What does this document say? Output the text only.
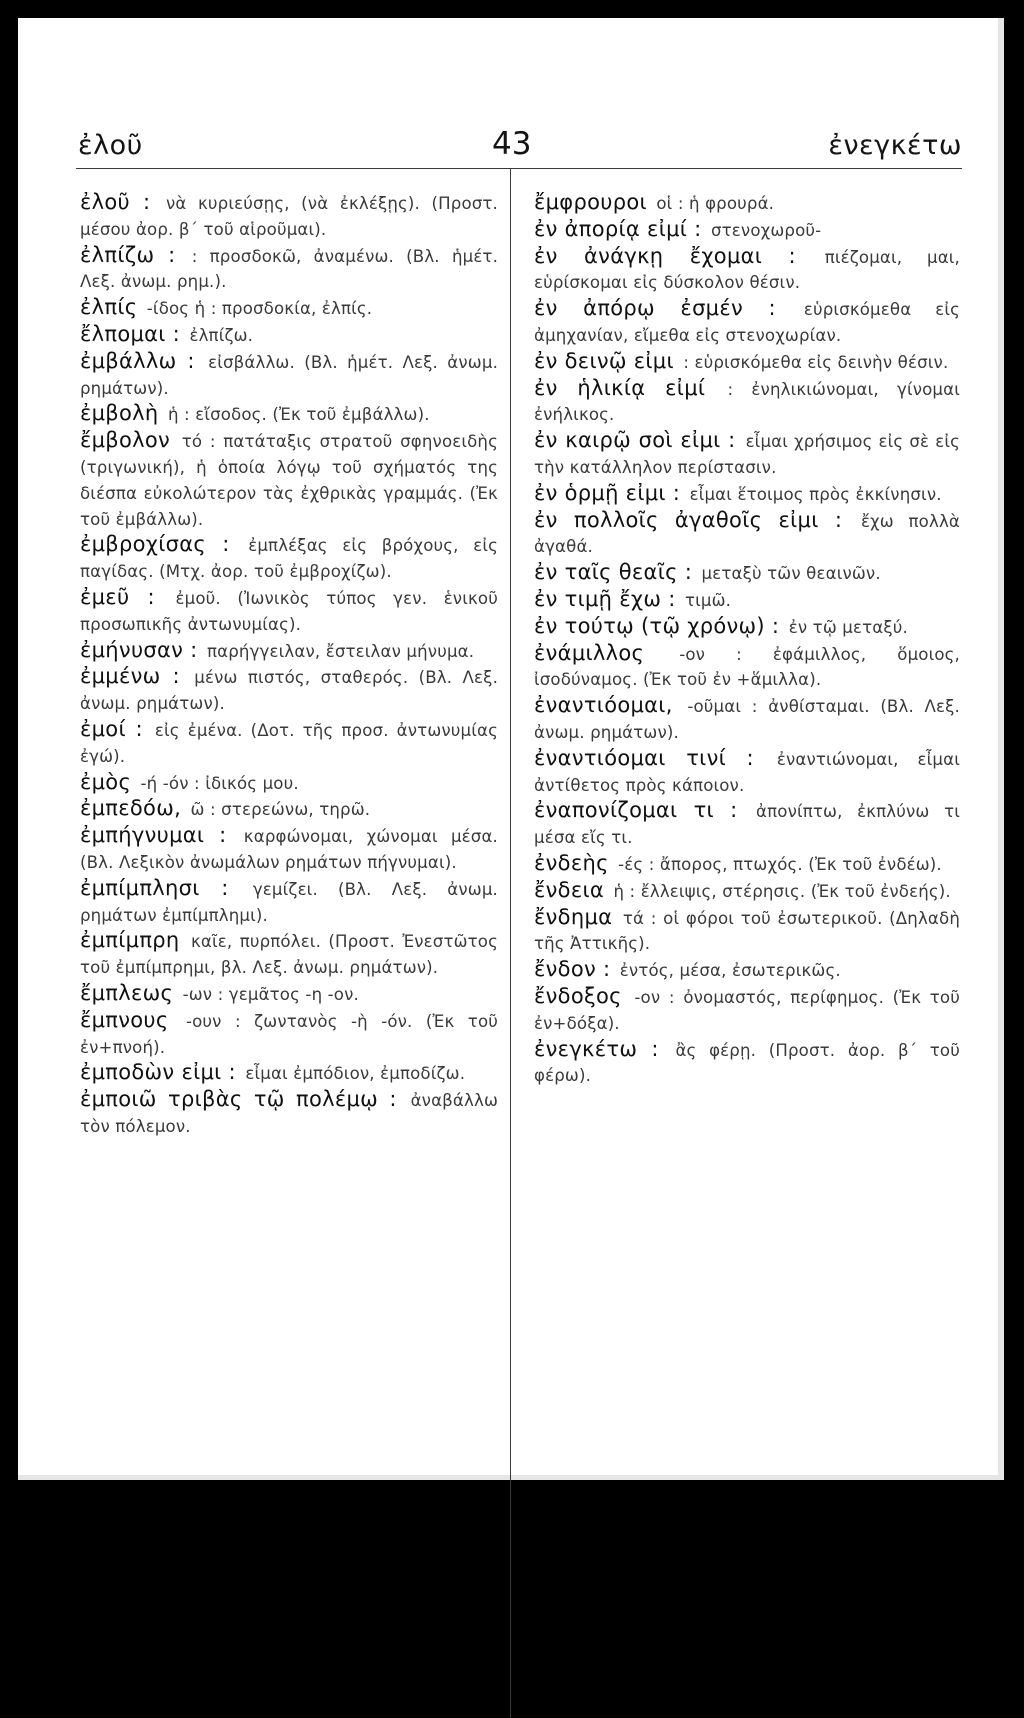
ἐλοῦ	43	ἐνεγκέτω

ἐλοῦ : νὰ κυριεύσῃς, (νὰ ἐκλέξῃς). (Προστ. μέσου ἀορ. β΄ τοῦ αἱροῦμαι).

ἐλπίζω : : προσδοκῶ, ἀναμένω. (Βλ. ἡμέτ. Λεξ. ἀνωμ. ρημ.).

ἐλπίς -ίδος ἡ : προσδοκία, ἐλπίς.

ἔλπομαι : ἐλπίζω.

ἐμβάλλω : εἰσβάλλω. (Βλ. ἡμέτ. Λεξ. ἀνωμ. ρημάτων).

ἐμβολὴ ἡ : εἴσοδος. (Ἐκ τοῦ ἐμβάλλω).

ἔμβολον τό : πατάταξις στρατοῦ σφηνοειδὴς (τριγωνική), ἡ ὁποία λόγῳ τοῦ σχήματός της διέσπα εὐκολώτερον τὰς ἐχθρικὰς γραμμάς. (Ἐκ τοῦ ἐμβάλλω).

ἐμβροχίσας : ἐμπλέξας εἰς βρόχους, εἰς παγίδας. (Μτχ. ἀορ. τοῦ ἐμβροχίζω).

ἐμεῦ : ἐμοῦ. (Ἰωνικὸς τύπος γεν. ἑνικοῦ προσωπικῆς ἀντωνυμίας).

ἐμήνυσαν : παρήγγειλαν, ἔστειλαν μήνυμα.

ἐμμένω : μένω πιστός, σταθερός. (Βλ. Λεξ. ἀνωμ. ρημάτων).

ἐμοί : εἰς ἐμένα. (Δοτ. τῆς προσ. ἀντωνυμίας ἐγώ).

ἐμὸς -ή -όν : ἰδικός μου.

ἐμπεδόω, ῶ : στερεώνω, τηρῶ.

ἐμπήγνυμαι : καρφώνομαι, χώνομαι μέσα. (Βλ. Λεξικὸν ἀνωμάλων ρημάτων πήγνυμαι).

ἐμπίμπλησι : γεμίζει. (Βλ. Λεξ. ἀνωμ. ρημάτων ἐμπίμπλημι).

ἐμπίμπρη καῖε, πυρπόλει. (Προστ. Ἐνεστῶτος τοῦ ἐμπίμπρημι, βλ. Λεξ. ἀνωμ. ρημάτων).

ἔμπλεως -ων : γεμᾶτος -η -ον.

ἔμπνους -ουν : ζωντανὸς -ὴ -όν. (Ἐκ τοῦ ἐν+πνοή).

ἐμποδὼν εἰμι : εἶμαι ἐμπόδιον, ἐμποδίζω.

ἐμποιῶ τριβὰς τῷ πολέμῳ : ἀναβάλλω τὸν πόλεμον.

ἔμφρουροι οἱ : ἡ φρουρά.

ἐν ἀπορίᾳ εἰμί : στενοχωροῦ-

ἐν ἀνάγκῃ ἔχομαι : πιέζομαι, μαι, εὑρίσκομαι εἰς δύσκολον θέσιν.

ἐν ἀπόρῳ ἐσμέν : εὑρισκόμεθα εἰς ἀμηχανίαν, εἴμεθα εἰς στενοχωρίαν.

ἐν δεινῷ εἰμι : εὑρισκόμεθα εἰς δεινὴν θέσιν.

ἐν ἡλικίᾳ εἰμί : ἐνηλικιώνομαι, γίνομαι ἐνήλικος.

ἐν καιρῷ σοὶ εἰμι : εἶμαι χρήσιμος εἰς σὲ εἰς τὴν κατάλληλον περίστασιν.

ἐν ὁρμῇ εἰμι : εἶμαι ἕτοιμος πρὸς ἐκκίνησιν.

ἐν πολλοῖς ἀγαθοῖς εἰμι : ἔχω πολλὰ ἀγαθά.

ἐν ταῖς θεαῖς : μεταξὺ τῶν θεαινῶν.

ἐν τιμῇ ἔχω : τιμῶ.

ἐν τούτῳ (τῷ χρόνῳ) : ἐν τῷ μεταξύ.

ἐνάμιλλος -ον : ἐφάμιλλος, ὅμοιος, ἰσοδύναμος. (Ἐκ τοῦ ἐν +ἅμιλλα).

ἐναντιόομαι, -οῦμαι : ἀνθίσταμαι. (Βλ. Λεξ. ἀνωμ. ρημάτων).

ἐναντιόομαι τινί : ἐναντιώνομαι, εἶμαι ἀντίθετος πρὸς κάποιον.

ἐναπονίζομαι τι : ἀπονίπτω, ἐκπλύνω τι μέσα εἴς τι.

ἐνδεὴς -ές : ἄπορος, πτωχός. (Ἐκ τοῦ ἐνδέω).

ἔνδεια ἡ : ἔλλειψις, στέρησις. (Ἐκ τοῦ ἐνδεής).

ἔνδημα τά : οἱ φόροι τοῦ ἐσωτερικοῦ. (Δηλαδὴ τῆς Ἀττικῆς).

ἔνδον : ἐντός, μέσα, ἐσωτερικῶς.

ἔνδοξος -ον : ὀνομαστός, περίφημος. (Ἐκ τοῦ ἐν+δόξα).

ἐνεγκέτω : ἂς φέρῃ. (Προστ. ἀορ. β΄ τοῦ φέρω).
